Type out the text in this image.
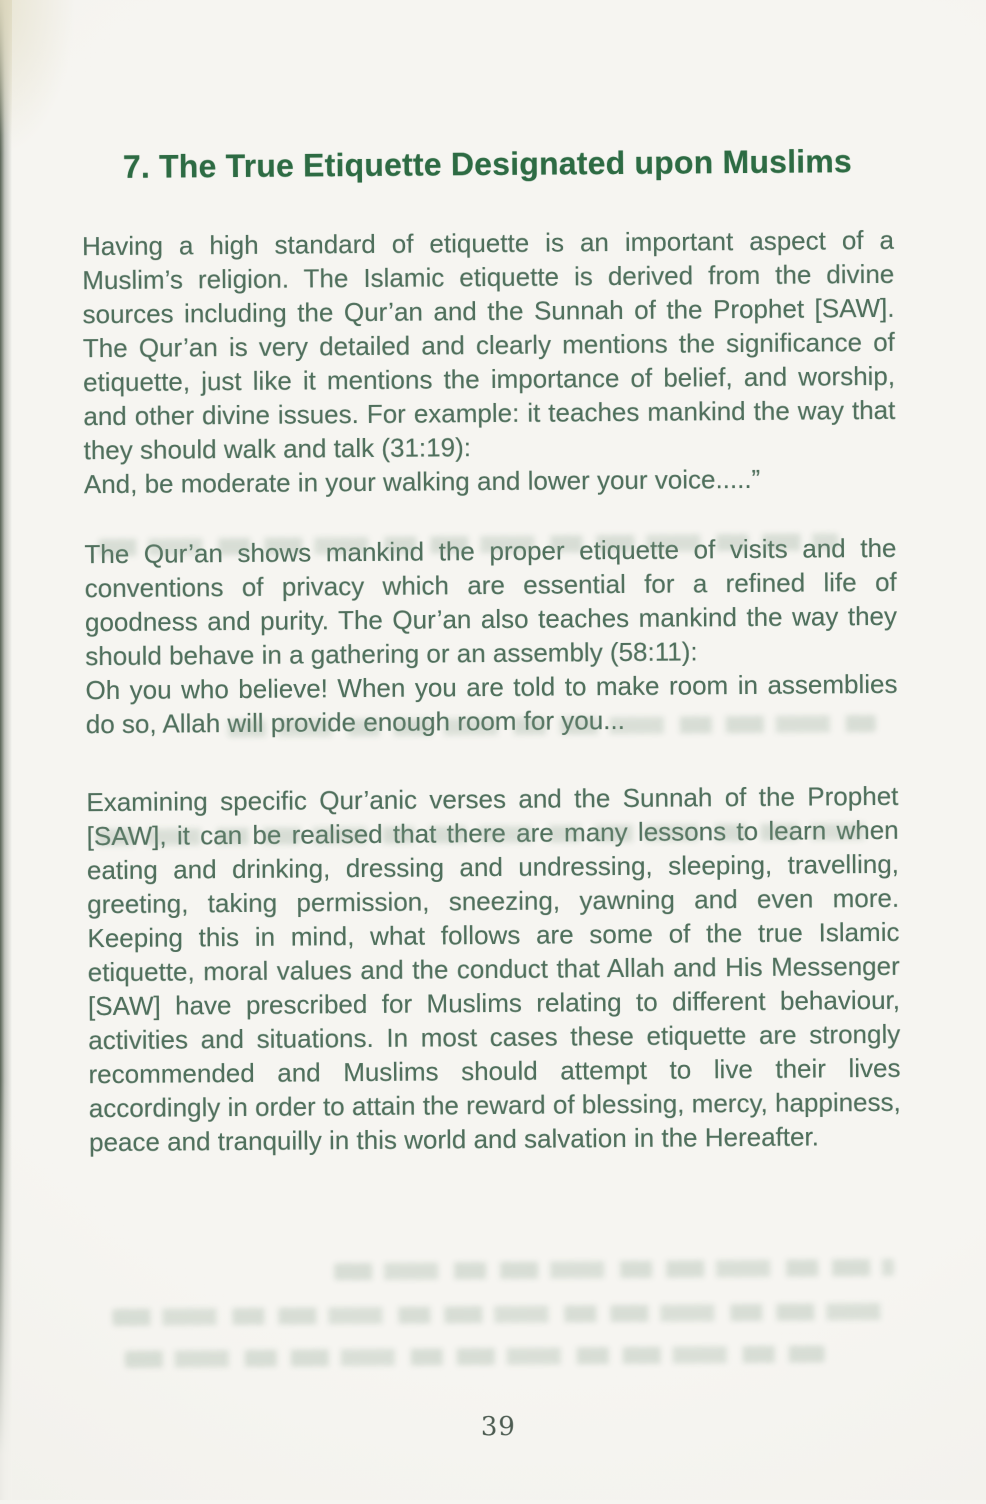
7. The True Etiquette Designated upon Muslims

Having a high standard of etiquette is an important aspect of a Muslim’s religion. The Islamic etiquette is derived from the divine sources including the Qur’an and the Sunnah of the Prophet [SAW]. The Qur’an is very detailed and clearly mentions the significance of etiquette, just like it mentions the importance of belief, and worship, and other divine issues. For example: it teaches mankind the way that they should walk and talk (31:19):

And, be moderate in your walking and lower your voice.....”

The Qur’an shows mankind the proper etiquette of visits and the conventions of privacy which are essential for a refined life of goodness and purity. The Qur’an also teaches mankind the way they should behave in a gathering or an assembly (58:11):

Oh you who believe! When you are told to make room in assemblies do so, Allah will provide enough room for you...

Examining specific Qur’anic verses and the Sunnah of the Prophet [SAW], it can be realised that there are many lessons to learn when eating and drinking, dressing and undressing, sleeping, travelling, greeting, taking permission, sneezing, yawning and even more. Keeping this in mind, what follows are some of the true Islamic etiquette, moral values and the conduct that Allah and His Messenger [SAW] have prescribed for Muslims relating to different behaviour, activities and situations. In most cases these etiquette are strongly recommended and Muslims should attempt to live their lives accordingly in order to attain the reward of blessing, mercy, happiness, peace and tranquilly in this world and salvation in the Hereafter.

39
